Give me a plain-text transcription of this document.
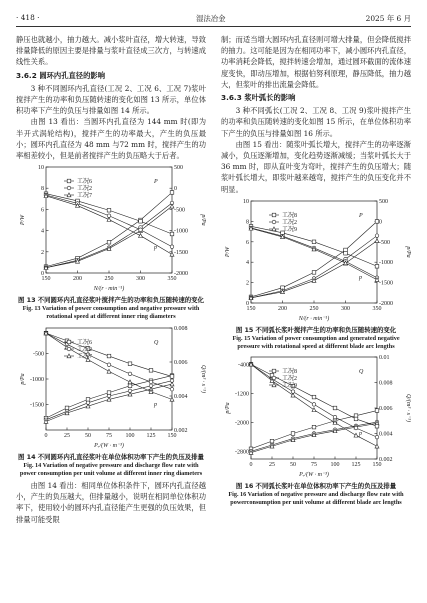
· 418 ·	湿法冶金	2025 年 6 月

静压也就越小，抽力越大。减小浆叶直径，增大转速，导致排量降低的原因主要是排量与浆叶直径成三次方，与转速成线性关系。

3.6.2 圆环内孔直径的影响

3 种不同圆环内孔直径(工况 2、工况 6、工况 7)浆叶搅拌产生的功率和负压随转速的变化如图 13 所示，单位体积功率下产生的负压与排量如图 14 所示。

由图 13 看出：当圆环内孔直径为 144 mm 时(即为半开式涡轮结构)，搅拌产生的功率最大，产生的负压最小；圆环内孔直径为 48 mm 与72 mm 时，搅拌产生的功率相差较小，但是前者搅拌产生的负压略大于后者。

150	200	250	300	350
N/(r · min⁻¹)
0
2
4
6
8
10
P/W
-2000
-1500
-1000
-500
0
500
p/Pa
工况6
工况2
工况7
P
p

图 13 不同圆环内孔直径浆叶搅拌产生的功率和负压随转速的变化

Fig. 13 Variation of power consumption and negative pressure with rotational speed at different inner ring diameters

0	25	50	75 100 125 150
Pᵥ/(W · m⁻³)
-1500
-1000
-500
p/Pa
0.002
0.004
0.006
0.008
Q/(m³ · s⁻¹)
工况6
工况2
工况7
Q
p

图 14 不同圆环内孔直径浆叶在单位体积功率下产生的负压及排量

Fig. 14 Variation of negative pressure and discharge flow rate with power consumption per unit volume at different inner ring diameters

由图 14 看出：相同单位体积条件下，圆环内孔直径越小，产生的负压越大，但排量越小，说明在相同单位体积功率下，使用较小的圆环内孔直径能产生更强的负压效果，但排量可能受限

制；而适当增大圆环内孔直径则可增大排量，但会降低搅拌的抽力。这可能是因为在相同功率下，减小圆环内孔直径，功率消耗会降低，搅拌转速会增加，通过圆环截面的流体速度变快，即动压增加，根据伯努利原理，静压降低，抽力越大，但浆叶的排出流量会降低。

3.6.3 浆叶弧长的影响

3 种不同弧长(工况 2、工况 8、工况 9)浆叶搅拌产生的功率和负压随转速的变化如图 15 所示，在单位体积功率下产生的负压与排量如图 16 所示。

由图 15 看出：随浆叶弧长增大，搅拌产生的功率逐渐减小，负压逐渐增加，变化趋势逐渐减缓；当浆叶弧长大于 36 mm 时，即从直叶变为弯叶，搅拌产生的负压增大；随浆叶弧长增大，即浆叶越来越弯，搅拌产生的负压变化并不明显。

150	200	250	300	350
N/(r · min⁻¹)
0
2
4
6
8
10
P/W
-2000
-1500
-1000
-500
0
500
p/Pa
工况8
工况2
工况9
P
p

图 15 不同弧长浆叶搅拌产生的功率和负压随转速的变化

Fig. 15 Variation of power consumption and generated negative pressure with rotational speed at different blade arc lengths

0	25	50	75 100 125 150
Pᵥ/(W · m⁻³)
-2800
-2000
-1200
-400
p/Pa
0.002
0.004
0.006
0.008
0.01
Q/(m³ · s⁻¹)
工况8
工况2
工况9
Q
p

图 16 不同弧长浆叶在单位体积功率下产生的负压及排量

Fig. 16 Variation of negative pressure and discharge flow rate with powerconsumption per unit volume at different blade arc lengths
